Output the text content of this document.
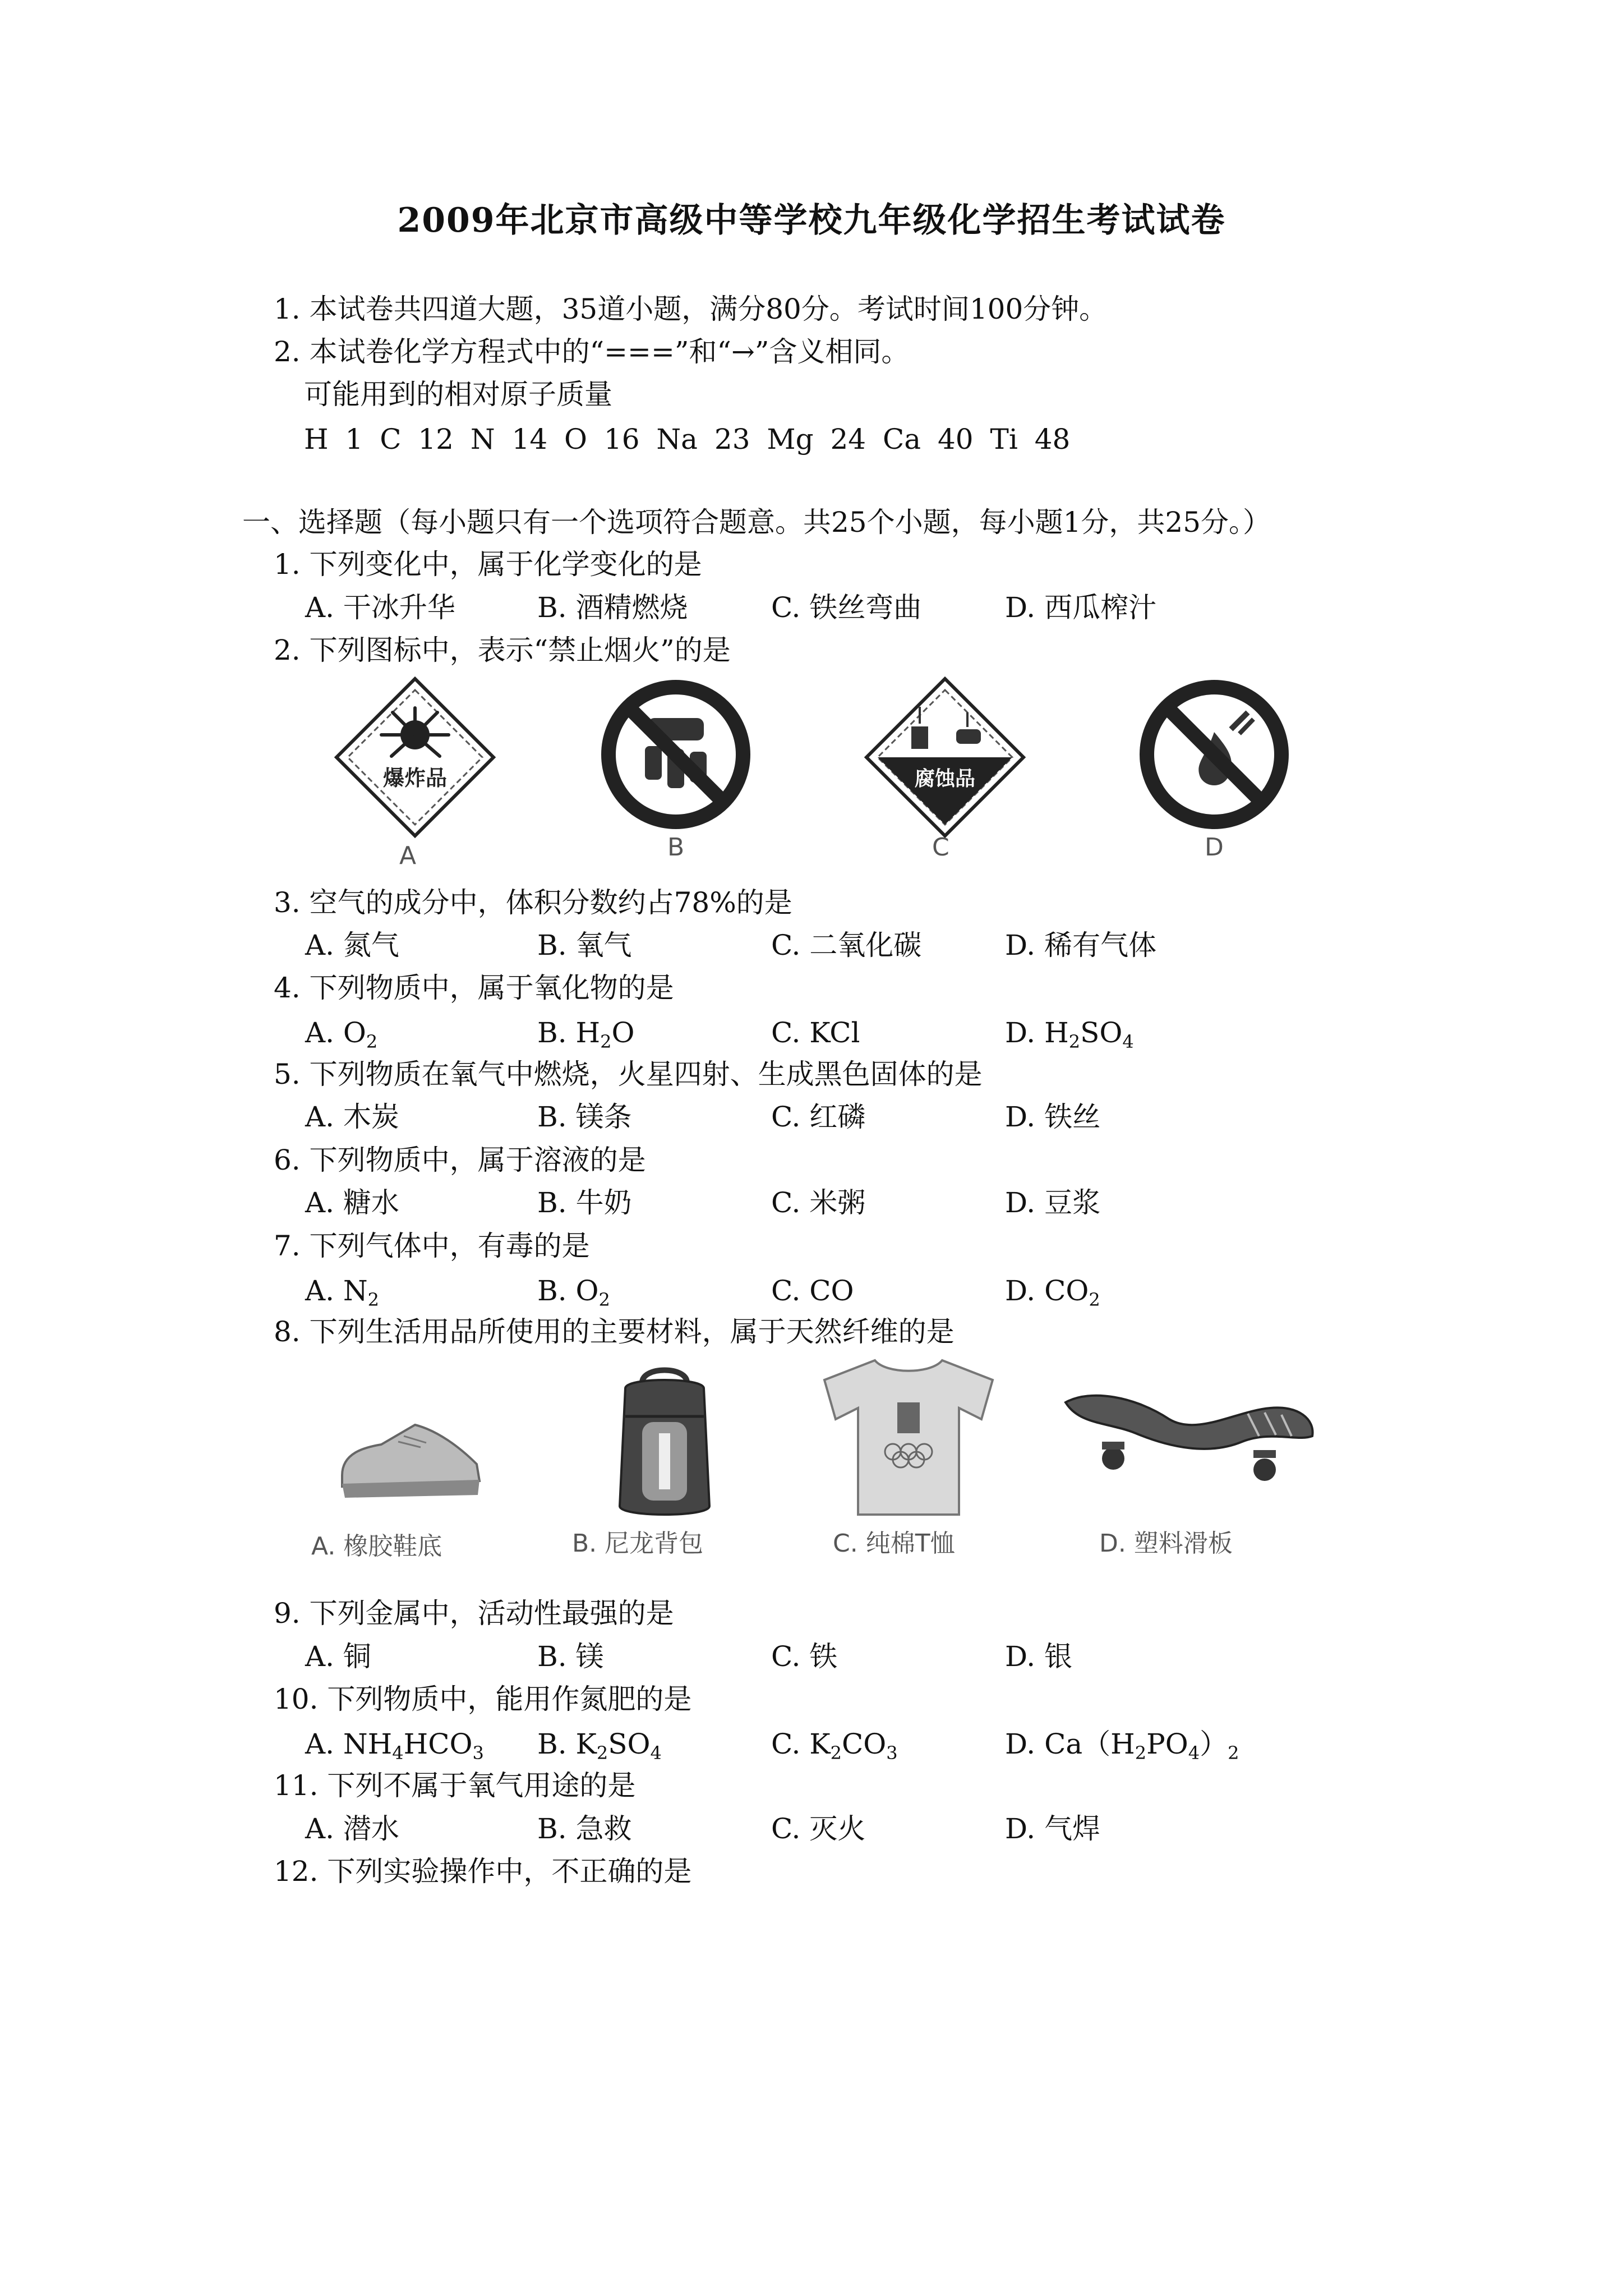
2009年北京市高级中等学校九年级化学招生考试试卷
1. 本试卷共四道大题，35道小题，满分80分。考试时间100分钟。
2. 本试卷化学方程式中的“===”和“→”含义相同。
可能用到的相对原子质量
H 1 C 12 N 14 O 16 Na 23 Mg 24 Ca 40 Ti 48
一、选择题（每小题只有一个选项符合题意。共25个小题，每小题1分，共25分。）
1. 下列变化中，属于化学变化的是
A. 干冰升华	B. 酒精燃烧	C. 铁丝弯曲	D. 西瓜榨汁
2. 下列图标中，表示“禁止烟火”的是
爆炸品	腐蚀品
A	B	C	D
3. 空气的成分中，体积分数约占78%的是
A. 氮气	B. 氧气	C. 二氧化碳	D. 稀有气体
4. 下列物质中，属于氧化物的是
A. $O_2$	B. $H_2O$	C. KCl	D. $H_2SO_4$
5. 下列物质在氧气中燃烧，火星四射、生成黑色固体的是
A. 木炭	B. 镁条	C. 红磷	D. 铁丝
6. 下列物质中，属于溶液的是
A. 糖水	B. 牛奶	C. 米粥	D. 豆浆
7. 下列气体中，有毒的是
A. $N_2$	B. $O_2$	C. CO	D. $CO_2$
8. 下列生活用品所使用的主要材料，属于天然纤维的是
A. 橡胶鞋底	B. 尼龙背包	C. 纯棉T恤	D. 塑料滑板
9. 下列金属中，活动性最强的是
A. 铜	B. 镁	C. 铁	D. 银
10. 下列物质中，能用作氮肥的是
A. $NH_4HCO_3$ B. $K_2SO_4$	C. $K_2CO_3$	D. $Ca(H_2PO_4)_2$
11. 下列不属于氧气用途的是
A. 潜水	B. 急救	C. 灭火	D. 气焊
12. 下列实验操作中，不正确的是
